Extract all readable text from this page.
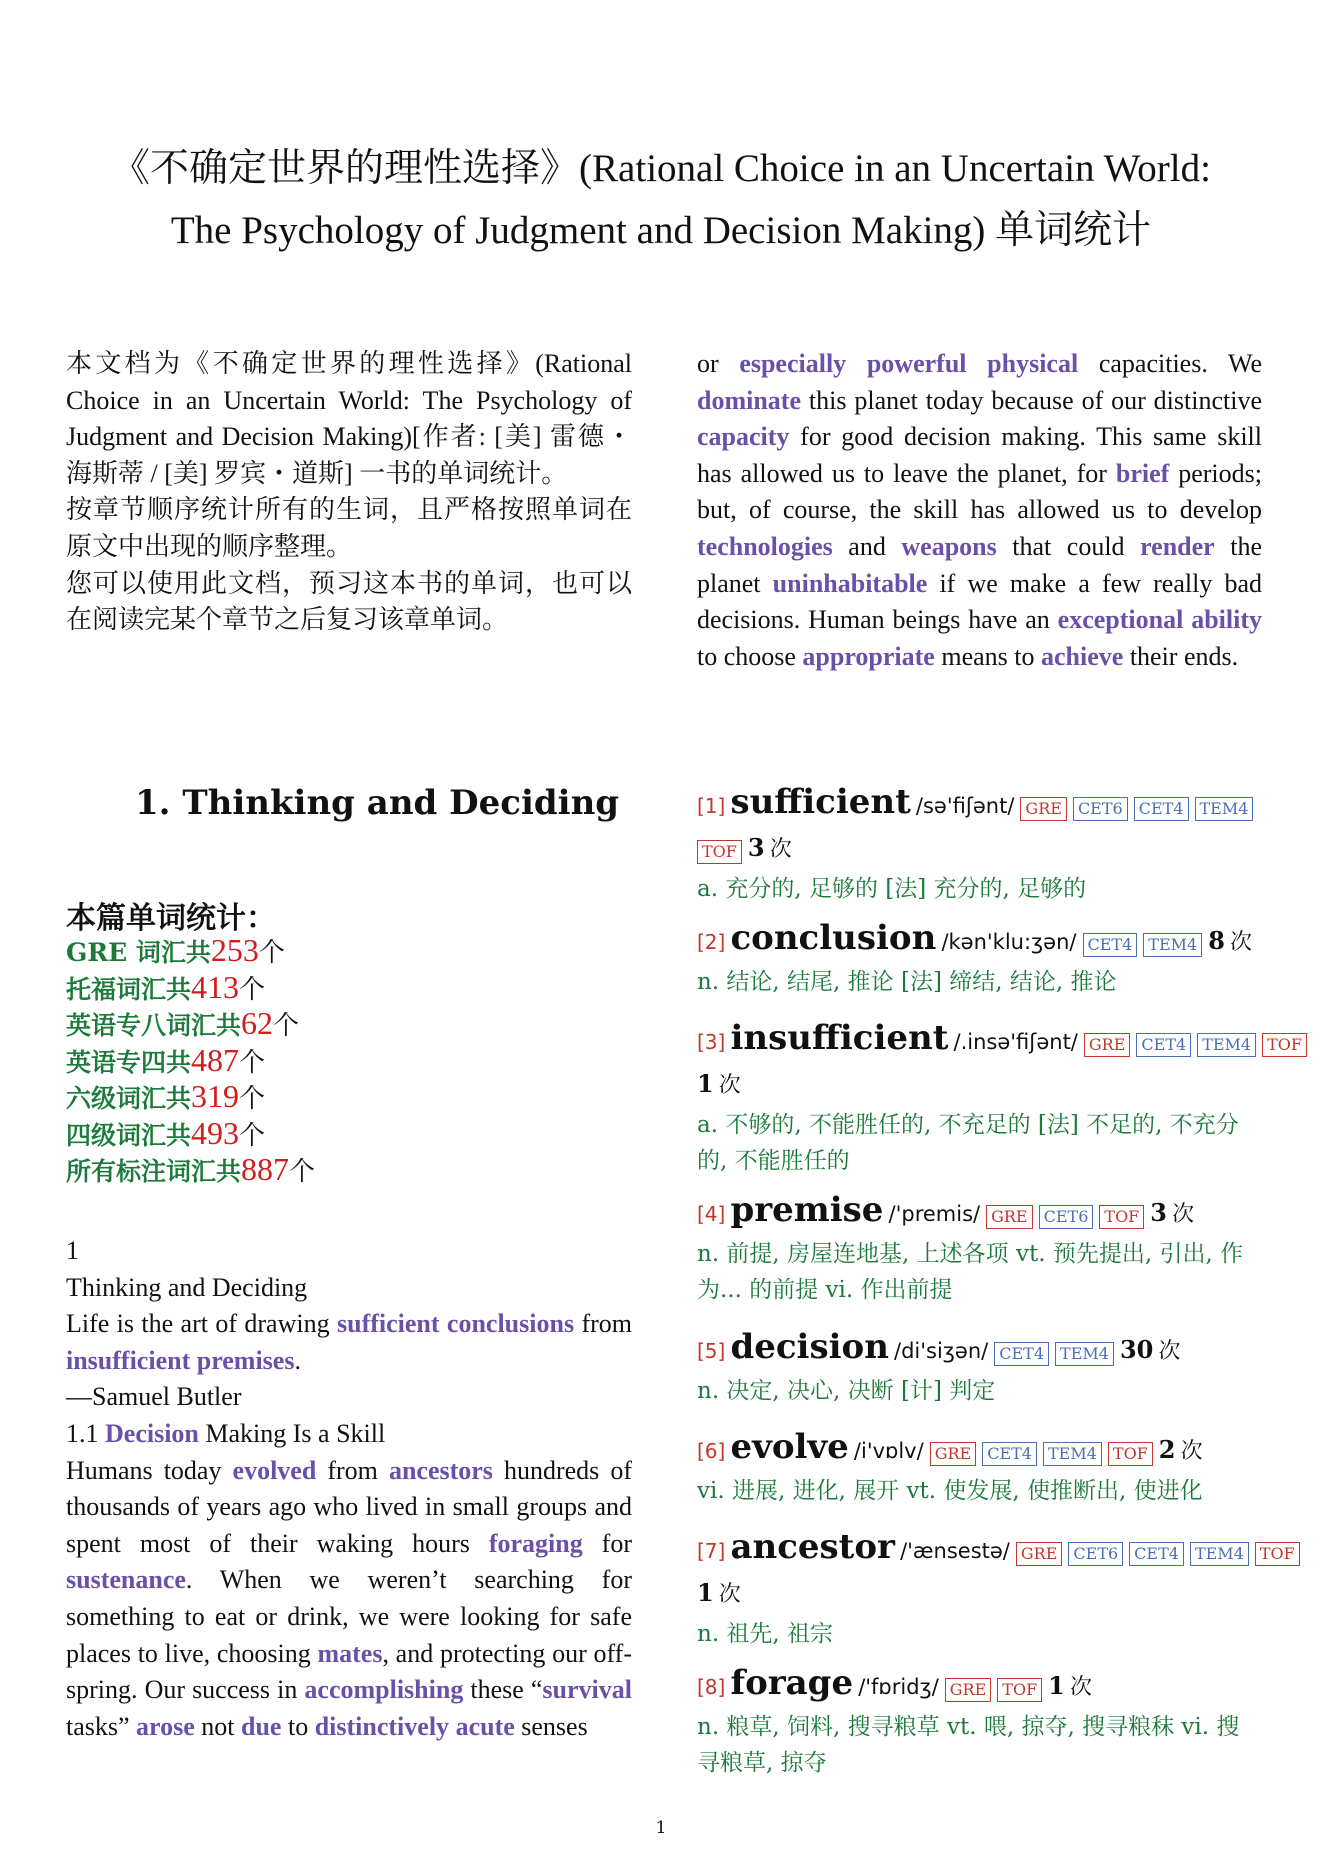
《不确定世界的理性选择》(Rational Choice in an Uncertain World:
The Psychology of Judgment and Decision Making) 单词统计

本文档为《不确定世界的理性选择》(Rational Choice in an Uncertain World: The Psychology of Judgment and Decision Making)[作者: [美] 雷德・海斯蒂 / [美] 罗宾・道斯] 一书的单词统计。

按章节顺序统计所有的生词，且严格按照单词在原文中出现的顺序整理。

您可以使用此文档，预习这本书的单词，也可以在阅读完某个章节之后复习该章单词。

1. Thinking and Deciding
本篇单词统计：
GRE 词汇共253个
托福词汇共413个
英语专八词汇共62个
英语专四共487个
六级词汇共319个
四级词汇共493个
所有标注词汇共887个
1
Thinking and Deciding
Life is the art of drawing sufficient conclusions from insufficient premises.
—Samuel Butler
1.1 Decision Making Is a Skill
Humans today evolved from ancestors hundreds of thousands of years ago who lived in small groups and spent most of their waking hours foraging for sustenance. When we weren’t searching for something to eat or drink, we were looking for safe places to live, choosing mates, and protecting our off-spring. Our success in accomplishing these “survival tasks” arose not due to distinctively acute senses
or especially powerful physical capacities. We dominate this planet today because of our distinctive capacity for good decision making. This same skill has allowed us to leave the planet, for brief periods; but, of course, the skill has allowed us to develop technologies and weapons that could render the planet uninhabitable if we make a few really bad decisions. Human beings have an exceptional ability to choose appropriate means to achieve their ends.
[1] sufficient /sə'fiʃənt/ GRE CET6 CET4 TEM4
TOF 3 次
a. 充分的, 足够的 [法] 充分的, 足够的
[2] conclusion /kən'klu:ʒən/ CET4 TEM4 8 次
n. 结论, 结尾, 推论 [法] 缔结, 结论, 推论
[3] insufficient /.insə'fiʃənt/ GRE CET4 TEM4 TOF
1 次
a. 不够的, 不能胜任的, 不充足的 [法] 不足的, 不充分的, 不能胜任的
[4] premise /'premis/ GRE CET6 TOF 3 次
n. 前提, 房屋连地基, 上述各项 vt. 预先提出, 引出, 作为... 的前提 vi. 作出前提
[5] decision /di'siʒən/ CET4 TEM4 30 次
n. 决定, 决心, 决断 [计] 判定
[6] evolve /i'vɒlv/ GRE CET4 TEM4 TOF 2 次
vi. 进展, 进化, 展开 vt. 使发展, 使推断出, 使进化
[7] ancestor /'ænsestə/ GRE CET6 CET4 TEM4 TOF
1 次
n. 祖先, 祖宗
[8] forage /'fɒridʒ/ GRE TOF 1 次
n. 粮草, 饲料, 搜寻粮草 vt. 喂, 掠夺, 搜寻粮秣 vi. 搜寻粮草, 掠夺
1
